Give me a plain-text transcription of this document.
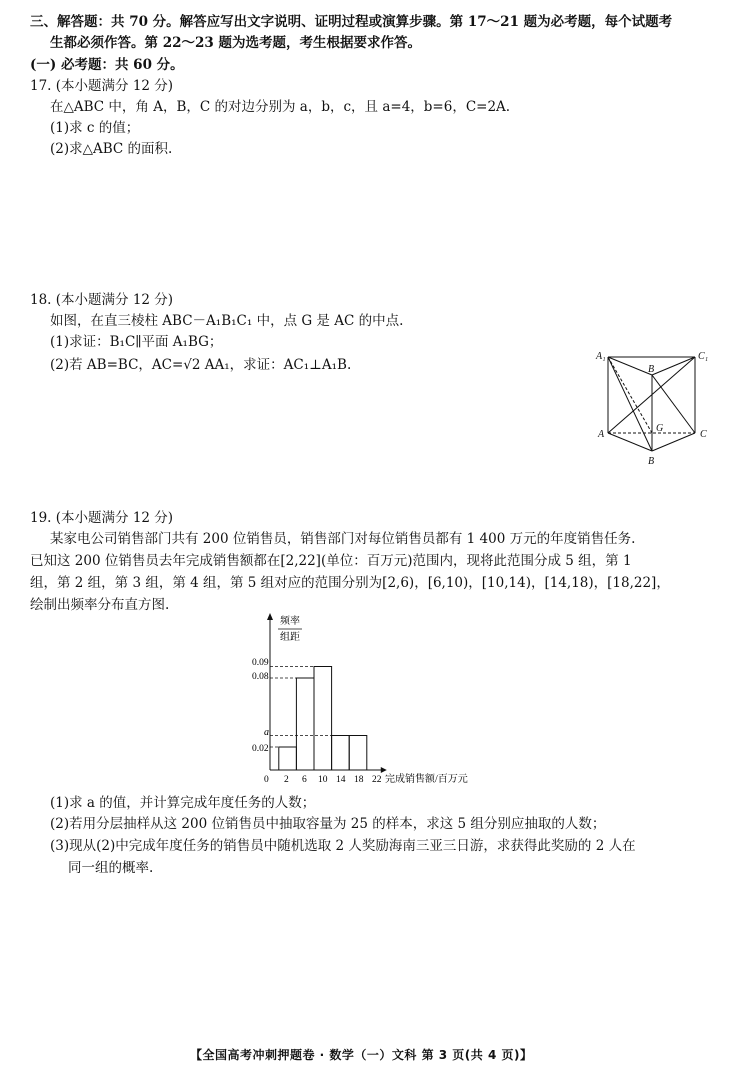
三、解答题：共 70 分。解答应写出文字说明、证明过程或演算步骤。第 17～21 题为必考题，每个试题考
生都必须作答。第 22～23 题为选考题，考生根据要求作答。
(一) 必考题：共 60 分。
17. (本小题满分 12 分)
在△ABC 中，角 A，B，C 的对边分别为 a，b，c，且 a=4，b=6，C=2A.
(1)求 c 的值；
(2)求△ABC 的面积.
18. (本小题满分 12 分)
如图，在直三棱柱 ABC－A₁B₁C₁ 中，点 G 是 AC 的中点.
(1)求证：B₁C∥平面 A₁BG；
(2)若 AB=BC，AC=√2 AA₁，求证：AC₁⊥A₁B.
A₁	C₁
B
A	C
B
G
19. (本小题满分 12 分)
某家电公司销售部门共有 200 位销售员，销售部门对每位销售员都有 1 400 万元的年度销售任务.
已知这 200 位销售员去年完成销售额都在[2,22](单位：百万元)范围内，现将此范围分成 5 组，第 1
组，第 2 组，第 3 组，第 4 组，第 5 组对应的范围分别为[2,6)，[6,10)，[10,14)，[14,18)，[18,22]，
绘制出频率分布直方图.
频率
组距
完成销售额/百万元
0.09
0.08
a
0.02
0 2 6 10 14 18 22
(1)求 a 的值，并计算完成年度任务的人数；
(2)若用分层抽样从这 200 位销售员中抽取容量为 25 的样本，求这 5 组分别应抽取的人数；
(3)现从(2)中完成年度任务的销售员中随机选取 2 人奖励海南三亚三日游，求获得此奖励的 2 人在
同一组的概率.
【全国高考冲刺押题卷 · 数学（一）文科 第 3 页(共 4 页)】
